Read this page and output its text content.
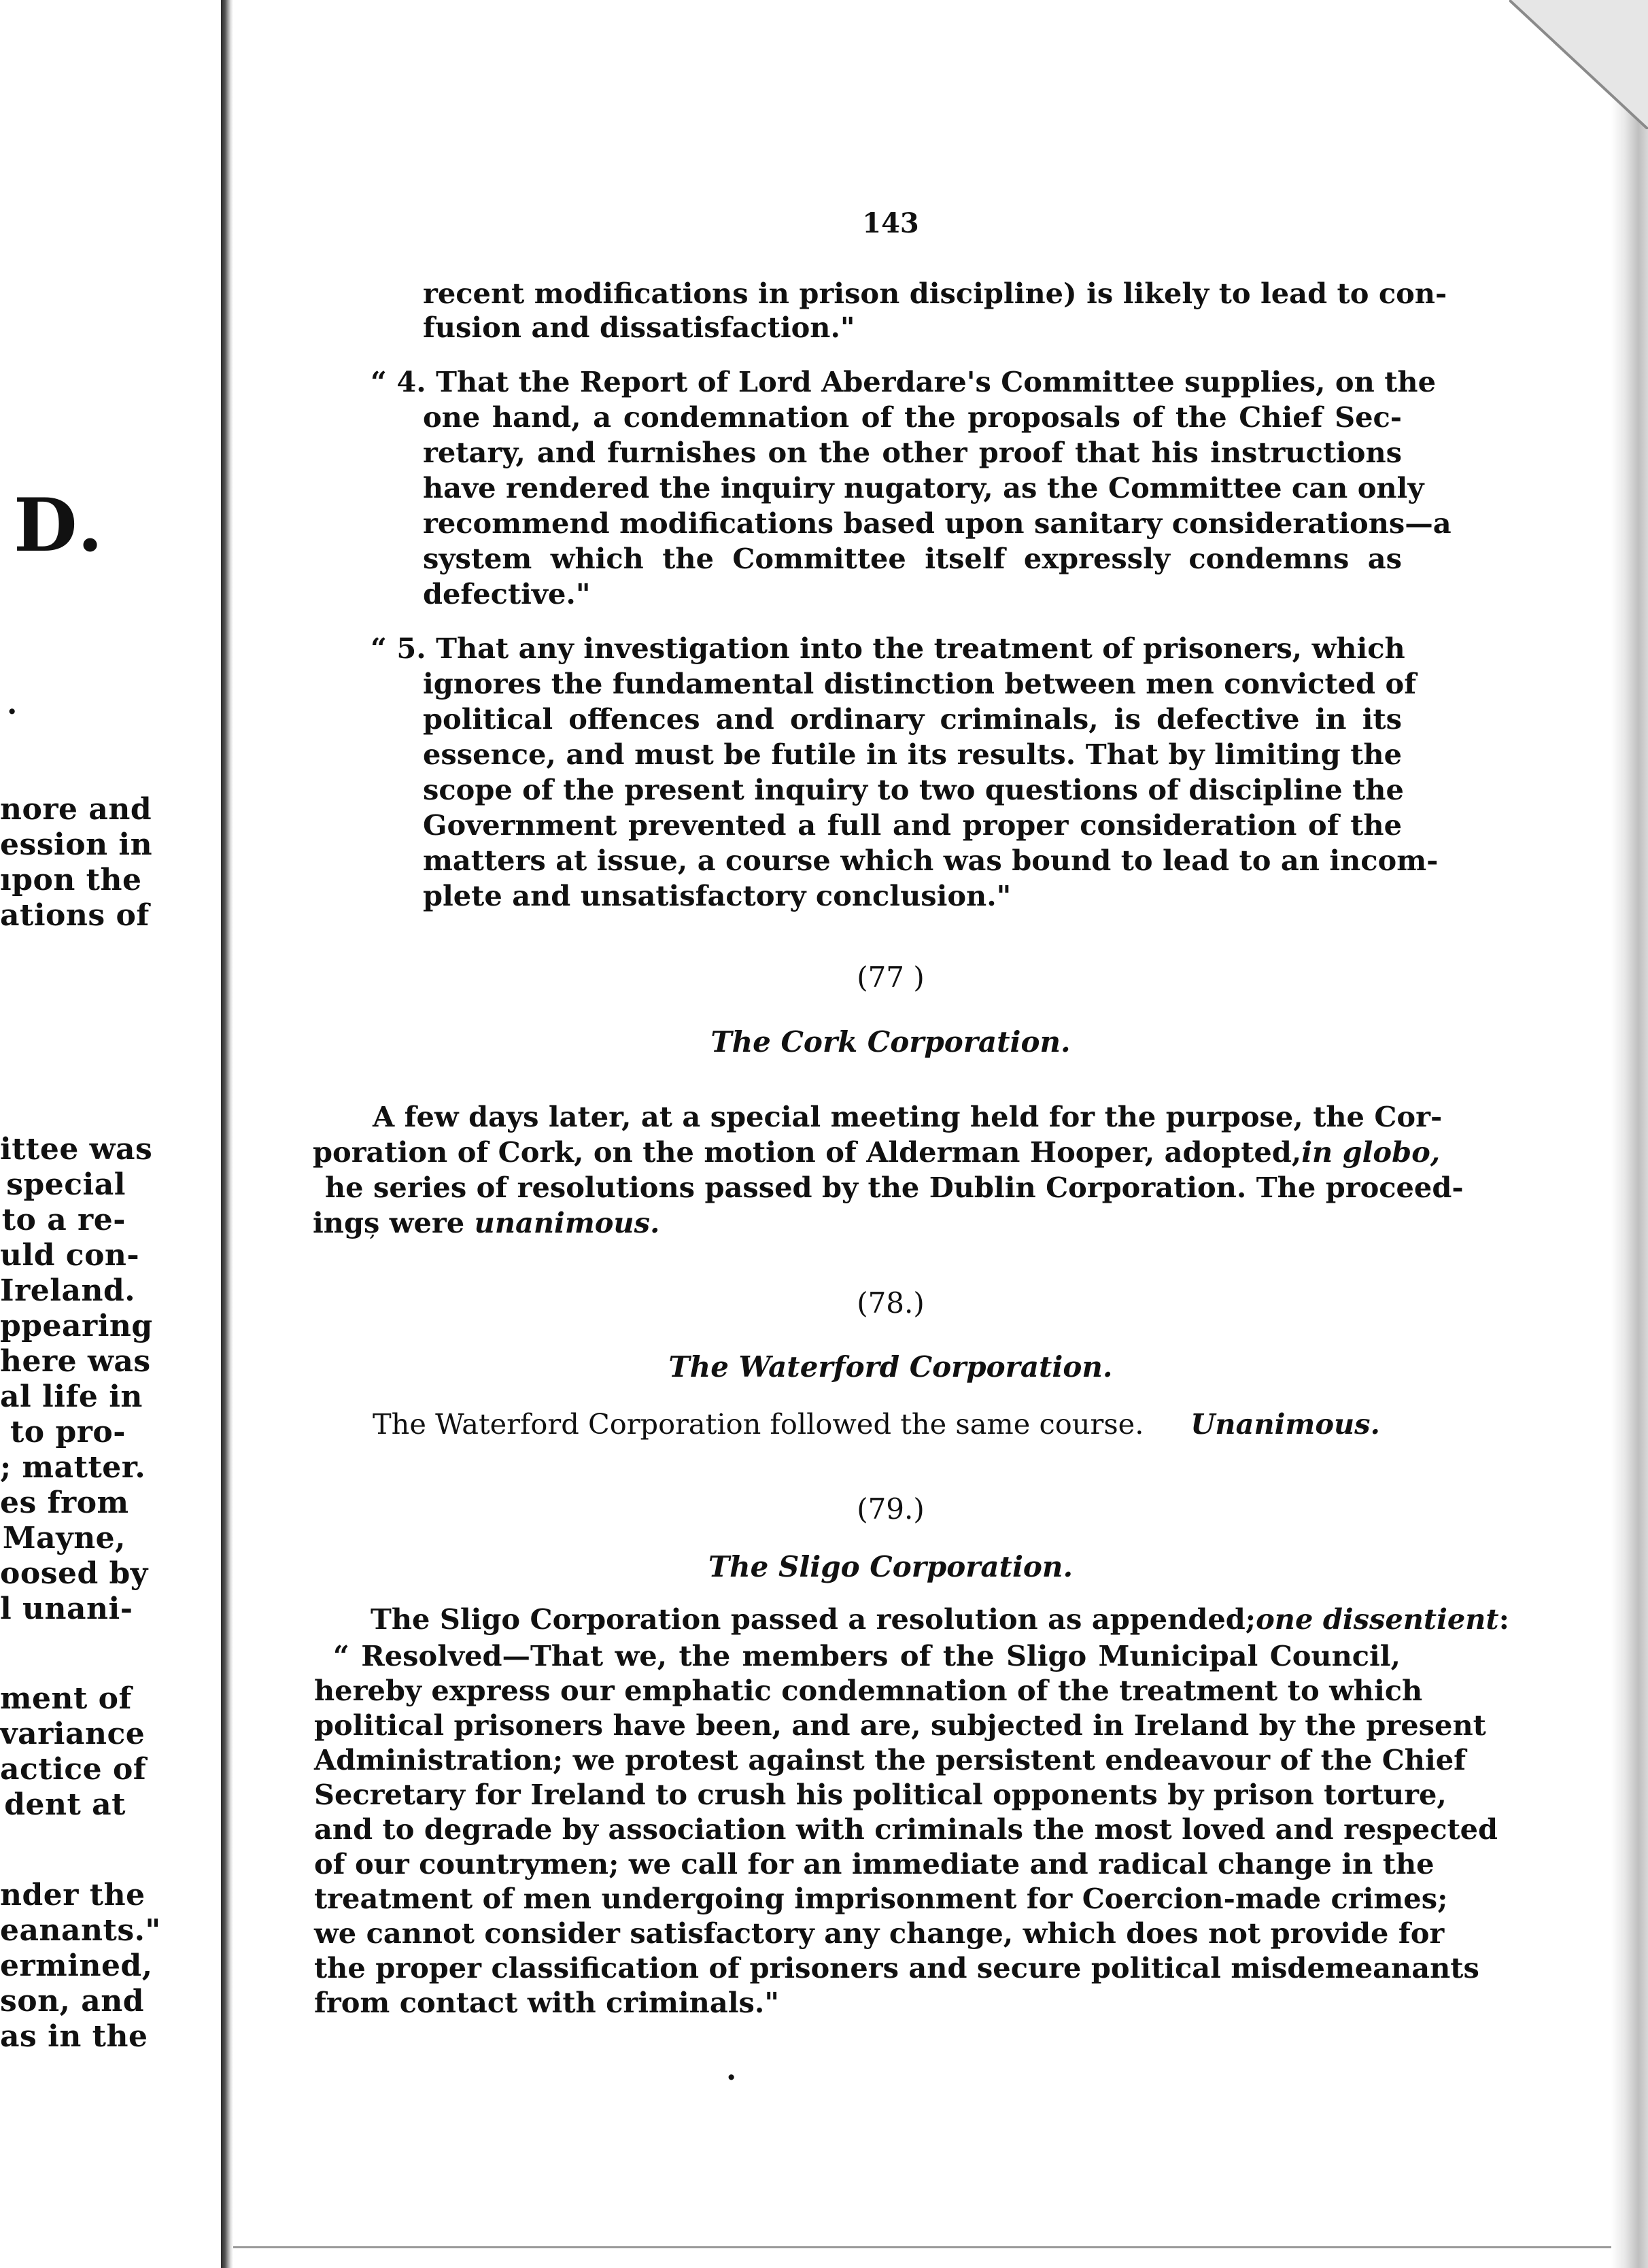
D.
.
nore and
ession in
ıpon the
ations of
ittee was
special
to a re-
uld con-
Ireland.
ppearing
here was
al life in
to pro-
; matter.
es from
Mayne,
oosed by
l unani-
ment of
variance
actice of
dent at
nder the
eanants."
ermined,
son, and
as in the
143
recent modifications in prison discipline) is likely to lead to con-
fusion and dissatisfaction."
“ 4. That the Report of Lord Aberdare's Committee supplies, on the
one hand, a condemnation of the proposals of the Chief Sec-
retary, and furnishes on the other proof that his instructions
have rendered the inquiry nugatory, as the Committee can only
recommend modifications based upon sanitary considerations—a
system which the Committee itself expressly condemns as
defective."
“ 5. That any investigation into the treatment of prisoners, which
ignores the fundamental distinction between men convicted of
political offences and ordinary criminals, is defective in its
essence, and must be futile in its results. That by limiting the
scope of the present inquiry to two questions of discipline the
Government prevented a full and proper consideration of the
matters at issue, a course which was bound to lead to an incom-
plete and unsatisfactory conclusion."
(77 )
The Cork Corporation.
A few days later, at a special meeting held for the purpose, the Cor-
poration of Cork, on the motion of Alderman Hooper, adopted, in globo,
he series of resolutions passed by the Dublin Corporation. The proceed-
ings were unanimous.
(78.)
The Waterford Corporation.
The Waterford Corporation followed the same course. Unanimous.
(79.)
The Sligo Corporation.
The Sligo Corporation passed a resolution as appended; one dissentient:
“ Resolved—That we, the members of the Sligo Municipal Council,
hereby express our emphatic condemnation of the treatment to which
political prisoners have been, and are, subjected in Ireland by the present
Administration; we protest against the persistent endeavour of the Chief
Secretary for Ireland to crush his political opponents by prison torture,
and to degrade by association with criminals the most loved and respected
of our countrymen; we call for an immediate and radical change in the
treatment of men undergoing imprisonment for Coercion-made crimes;
we cannot consider satisfactory any change, which does not provide for
the proper classification of prisoners and secure political misdemeanants
from contact with criminals."
.
